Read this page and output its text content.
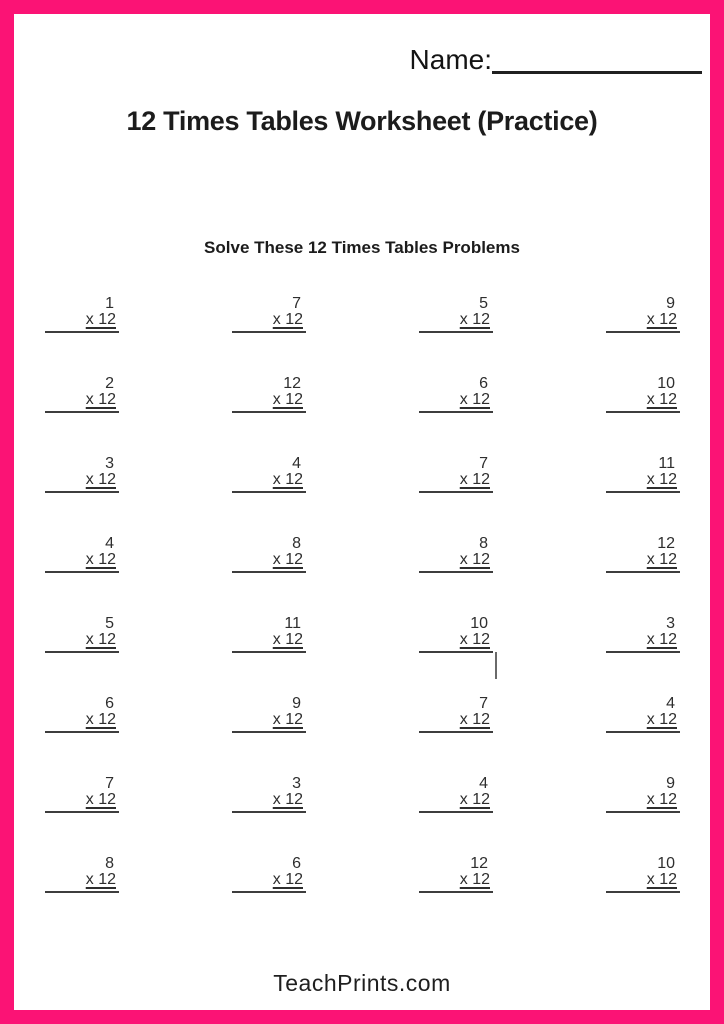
Name:
12 Times Tables Worksheet (Practice)
Solve These 12 Times Tables Problems
1
x 12
7
x 12
5
x 12
9
x 12
2
x 12
12
x 12
6
x 12
10
x 12
3
x 12
4
x 12
7
x 12
11
x 12
4
x 12
8
x 12
8
x 12
12
x 12
5
x 12
11
x 12
10
x 12
3
x 12
6
x 12
9
x 12
7
x 12
4
x 12
7
x 12
3
x 12
4
x 12
9
x 12
8
x 12
6
x 12
12
x 12
10
x 12
TeachPrints.com
